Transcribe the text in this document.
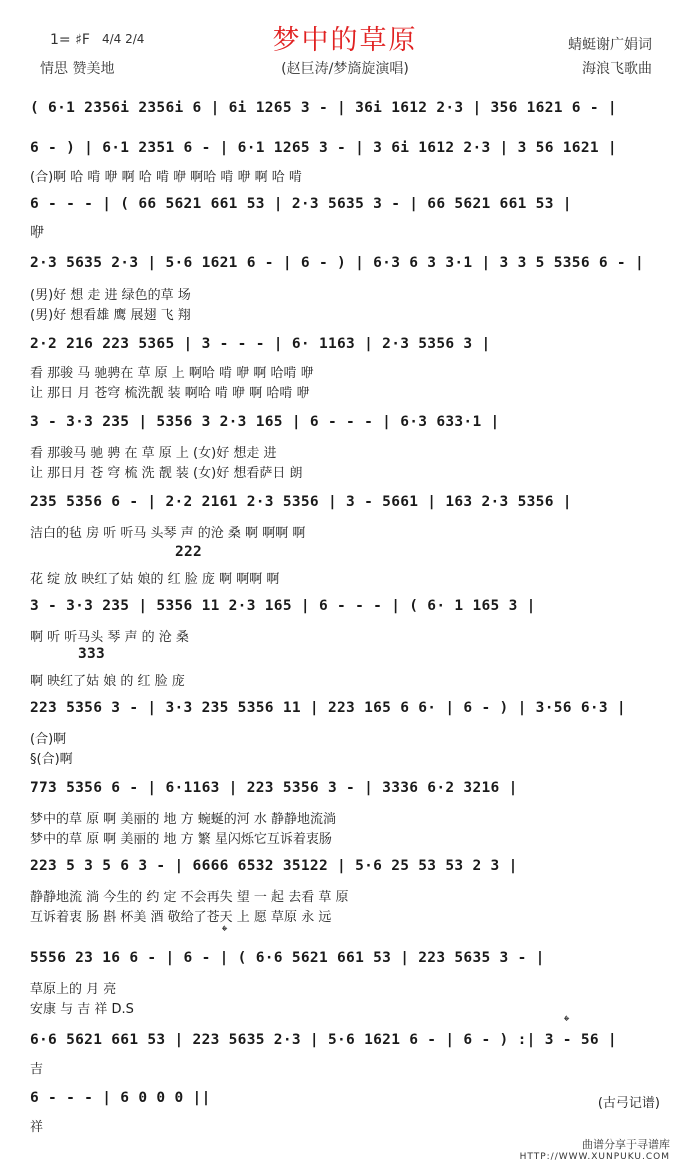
1= ♯F 4/4 2/4	梦中的草原	蜻蜓谢广娟词
情思 赞美地	(赵巨涛/梦旖旋演唱)	海浪飞歌曲
( 6·1 2356i 2356i 6 | 6i 1265 3 - | 36i 1612 2·3 | 356 1621 6 - |
6 - ) | 6·1 2351 6 - | 6·1 1265 3 - | 3 6i 1612 2·3 | 3 56 1621 |
(合)啊 哈 啃 咿 啊 哈 啃 咿 啊哈 啃 咿 啊 哈 啃
6 - - - | ( 66 5621 661 53 | 2·3 5635 3 - | 66 5621 661 53 |
咿
2·3 5635 2·3 | 5·6 1621 6 - | 6 - ) | 6·3 6 3 3·1 | 3 3 5 5356 6 - |
(男)好 想 走 进 绿色的草 场
(男)好 想看雄 鹰 展翅 飞 翔
2·2 216 223 5365 | 3 - - - | 6· 1163 | 2·3 5356 3 |
看 那骏 马 驰骋在 草 原 上 啊哈 啃 咿 啊 哈啃 咿
让 那日 月 苍穹 梳洗靓 装 啊哈 啃 咿 啊 哈啃 咿
3 - 3·3 235 | 5356 3 2·3 165 | 6 - - - | 6·3 633·1 |
看 那骏马 驰 骋 在 草 原 上 (女)好 想走 进
让 那日月 苍 穹 梳 洗 靓 装 (女)好 想看萨日 朗
235 5356 6 - | 2·2 2161 2·3 5356 | 3 - 5661 | 163 2·3 5356 |
洁白的毡 房 听 听马 头琴 声 的沧 桑 啊 啊啊 啊
222
花 绽 放 映红了姑 娘的 红 脸 庞 啊 啊啊 啊
3 - 3·3 235 | 5356 11 2·3 165 | 6 - - - | ( 6· 1 165 3 |
啊 听 听马头 琴 声 的 沧 桑
333
啊 映红了姑 娘 的 红 脸 庞
223 5356 3 - | 3·3 235 5356 11 | 223 165 6 6· | 6 - ) | 3·56 6·3 |
(合)啊
§(合)啊
773 5356 6 - | 6·1163 | 223 5356 3 - | 3336 6·2 3216 |
梦中的草 原 啊 美丽的 地 方 蜿蜒的河 水 静静地流淌
梦中的草 原 啊 美丽的 地 方 繁 星闪烁它互诉着衷肠
223 5 3 5 6 3 - | 6666 6532 35122 | 5·6 25 53 53 2 3 |
静静地流 淌 今生的 约 定 不会再失 望 一 起 去看 草 原
互诉着衷 肠 斟 杯美 酒 敬给了苍天 上 愿 草原 永 远
𝄌
5556 23 16 6 - | 6 - | ( 6·6 5621 661 53 | 223 5635 3 - |
草原上的 月 亮
安康 与 吉 祥 D.S
𝄌
6·6 5621 661 53 | 223 5635 2·3 | 5·6 1621 6 - | 6 - ) :| 3 - 56 |
吉
6 - - - | 6 0 0 0 ||
祥
(古弓记谱)
曲谱分享于寻谱库
HTTP://WWW.XUNPUKU.COM
